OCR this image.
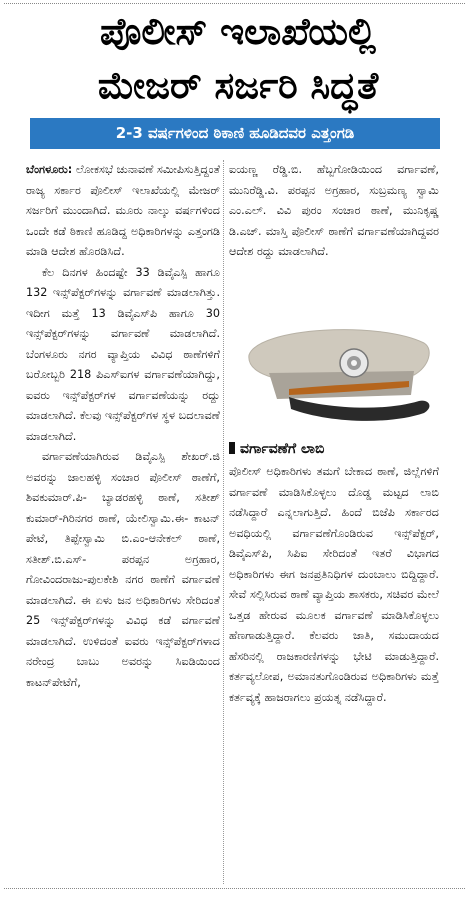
ಪೊಲೀಸ್ ಇಲಾಖೆಯಲ್ಲಿ
ಮೇಜರ್ ಸರ್ಜರಿ ಸಿದ್ಧತೆ
2-3 ವರ್ಷಗಳಿಂದ ಠಿಕಾಣಿ ಹೂಡಿದವರ ಎತ್ತಂಗಡಿ

ಬೆಂಗಳೂರು: ಲೋಕಸಭೆ ಚುನಾವಣೆ ಸಮೀಪಿಸುತ್ತಿದ್ದಂತೆ ರಾಜ್ಯ ಸರ್ಕಾರ ಪೊಲೀಸ್ ಇಲಾಖೆಯಲ್ಲಿ ಮೇಜರ್ ಸರ್ಜರಿಗೆ ಮುಂದಾಗಿದೆ. ಮೂರು ನಾಲ್ಕು ವರ್ಷಗಳಿಂದ ಒಂದೇ ಕಡೆ ಠಿಕಾಣಿ ಹೂಡಿದ್ದ ಅಧಿಕಾರಿಗಳನ್ನು ಎತ್ತಂಗಡಿ ಮಾಡಿ ಆದೇಶ ಹೊರಡಿಸಿದೆ.

ಕೆಲ ದಿನಗಳ ಹಿಂದಷ್ಟೇ 33 ಡಿವೈಎಸ್ಪಿ ಹಾಗೂ 132 ಇನ್ಸ್‌ಪೆಕ್ಟರ್‌ಗಳನ್ನು ವರ್ಗಾವಣೆ ಮಾಡಲಾಗಿತ್ತು. ಇದೀಗ ಮತ್ತೆ 13 ಡಿವೈಎಸ್‌ಪಿ ಹಾಗೂ 30 ಇನ್ಸ್‌ಪೆಕ್ಟರ್‌ಗಳನ್ನು ವರ್ಗಾವಣೆ ಮಾಡಲಾಗಿದೆ. ಬೆಂಗಳೂರು ನಗರ ವ್ಯಾಪ್ತಿಯ ವಿವಿಧ ಠಾಣೆಗಳಿಗೆ ಬರೋಬ್ಬರಿ 218 ಪಿಎಸ್‌ಐಗಳ ವರ್ಗಾವಣೆಯಾಗಿದ್ದು, ಐವರು ಇನ್ಸ್‌ಪೆಕ್ಟರ್‌ಗಳ ವರ್ಗಾವಣೆಯನ್ನು ರದ್ದು ಮಾಡಲಾಗಿದೆ. ಕೆಲವು ಇನ್ಸ್‌ಪೆಕ್ಟರ್‌ಗಳ ಸ್ಥಳ ಬದಲಾವಣೆ ಮಾಡಲಾಗಿದೆ.

ವರ್ಗಾವಣೆಯಾಗಿರುವ ಡಿವೈಎಸ್ಪಿ ಶೇಖರ್.ಜಿ ಅವರನ್ನು ಜಾಲಹಳ್ಳಿ ಸಂಚಾರ ಪೊಲೀಸ್ ಠಾಣೆಗೆ, ಶಿವಕುಮಾರ್.ಪಿ- ಬ್ಯಾಡರಹಳ್ಳಿ ಠಾಣೆ, ಸತೀಶ್ ಕುಮಾರ್-ಗಿರಿನಗರ ಠಾಣೆ, ಯೇಲಿಸ್ವಾಮಿ.ಈ- ಕಾಟನ್ ಪೇಟೆ, ತಿಪ್ಪೇಸ್ವಾಮಿ ಬಿ.ಎಂ-ಆನೇಕಲ್ ಠಾಣೆ, ಸತೀಶ್.ಬಿ.ಎಸ್- ಪರಪ್ಪನ ಅಗ್ರಹಾರ, ಗೋವಿಂದರಾಜು-ಪುಲಕೇಶಿ ನಗರ ಠಾಣೆಗೆ ವರ್ಗಾವಣೆ ಮಾಡಲಾಗಿದೆ. ಈ ಏಳು ಜನ ಅಧಿಕಾರಿಗಳು ಸೇರಿದಂತೆ 25 ಇನ್ಸ್‌ಪೆಕ್ಟರ್‌ಗಳನ್ನು ವಿವಿಧ ಕಡೆ ವರ್ಗಾವಣೆ ಮಾಡಲಾಗಿದೆ. ಉಳಿದಂತೆ ಐವರು ಇನ್ಸ್‌ಪೆಕ್ಟರ್‌ಗಳಾದ ನರೇಂದ್ರ ಬಾಬು ಅವರನ್ನು ಸಿಐಡಿಯಿಂದ ಕಾಟನ್‌ಪೇಟೆಗೆ,

ಐಯಣ್ಣ ರೆಡ್ಡಿ.ಬಿ. ಹೆಬ್ಬಗೋಡಿಯಿಂದ ವರ್ಗಾವಣೆ, ಮುನಿರೆಡ್ಡಿ.ವಿ. ಪರಪ್ಪನ ಅಗ್ರಹಾರ, ಸುಬ್ರಮಣ್ಯ ಸ್ವಾಮಿ ಎಂ.ಎಲ್. ವಿವಿ ಪುರಂ ಸಂಚಾರ ಠಾಣೆ, ಮುನಿಕೃಷ್ಣ ಡಿ.ಎಚ್. ಮಾಸ್ತಿ ಪೊಲೀಸ್ ಠಾಣೆಗೆ ವರ್ಗಾವಣೆಯಾಗಿದ್ದವರ ಆದೇಶ ರದ್ದು ಮಾಡಲಾಗಿದೆ.

ವರ್ಗಾವಣೆಗೆ ಲಾಬಿ

ಪೊಲೀಸ್ ಅಧಿಕಾರಿಗಳು ತಮಗೆ ಬೇಕಾದ ಠಾಣೆ, ಜಿಲ್ಲೆಗಳಿಗೆ ವರ್ಗಾವಣೆ ಮಾಡಿಸಿಕೊಳ್ಳಲು ದೊಡ್ಡ ಮಟ್ಟದ ಲಾಬಿ ನಡೆಸಿದ್ದಾರೆ ಎನ್ನಲಾಗುತ್ತಿದೆ. ಹಿಂದೆ ಬಿಜೆಪಿ ಸರ್ಕಾರದ ಅವಧಿಯಲ್ಲಿ ವರ್ಗಾವಣೆಗೊಂಡಿರುವ ಇನ್ಸ್‌ಪೆಕ್ಟರ್, ಡಿವೈಎಸ್‌ಪಿ, ಸಿಪಿಐ ಸೇರಿದಂತೆ ಇತರೆ ವಿಭಾಗದ ಅಧಿಕಾರಿಗಳು ಈಗ ಜನಪ್ರತಿನಿಧಿಗಳ ದುಂಬಾಲು ಬಿದ್ದಿದ್ದಾರೆ. ಸೇವೆ ಸಲ್ಲಿಸಿರುವ ಠಾಣೆ ವ್ಯಾಪ್ತಿಯ ಶಾಸಕರು, ಸಚಿವರ ಮೇಲೆ ಒತ್ತಡ ಹೇರುವ ಮೂಲಕ ವರ್ಗಾವಣೆ ಮಾಡಿಸಿಕೊಳ್ಳಲು ಹೆಣಗಾಡುತ್ತಿದ್ದಾರೆ. ಕೆಲವರು ಜಾತಿ, ಸಮುದಾಯದ ಹೆಸರಿನಲ್ಲಿ ರಾಜಕಾರಣಿಗಳನ್ನು ಭೇಟಿ ಮಾಡುತ್ತಿದ್ದಾರೆ. ಕರ್ತವ್ಯಲೋಪ, ಅಮಾನತುಗೊಂಡಿರುವ ಅಧಿಕಾರಿಗಳು ಮತ್ತೆ ಕರ್ತವ್ಯಕ್ಕೆ ಹಾಜರಾಗಲು ಪ್ರಯತ್ನ ನಡೆಸಿದ್ದಾರೆ.
